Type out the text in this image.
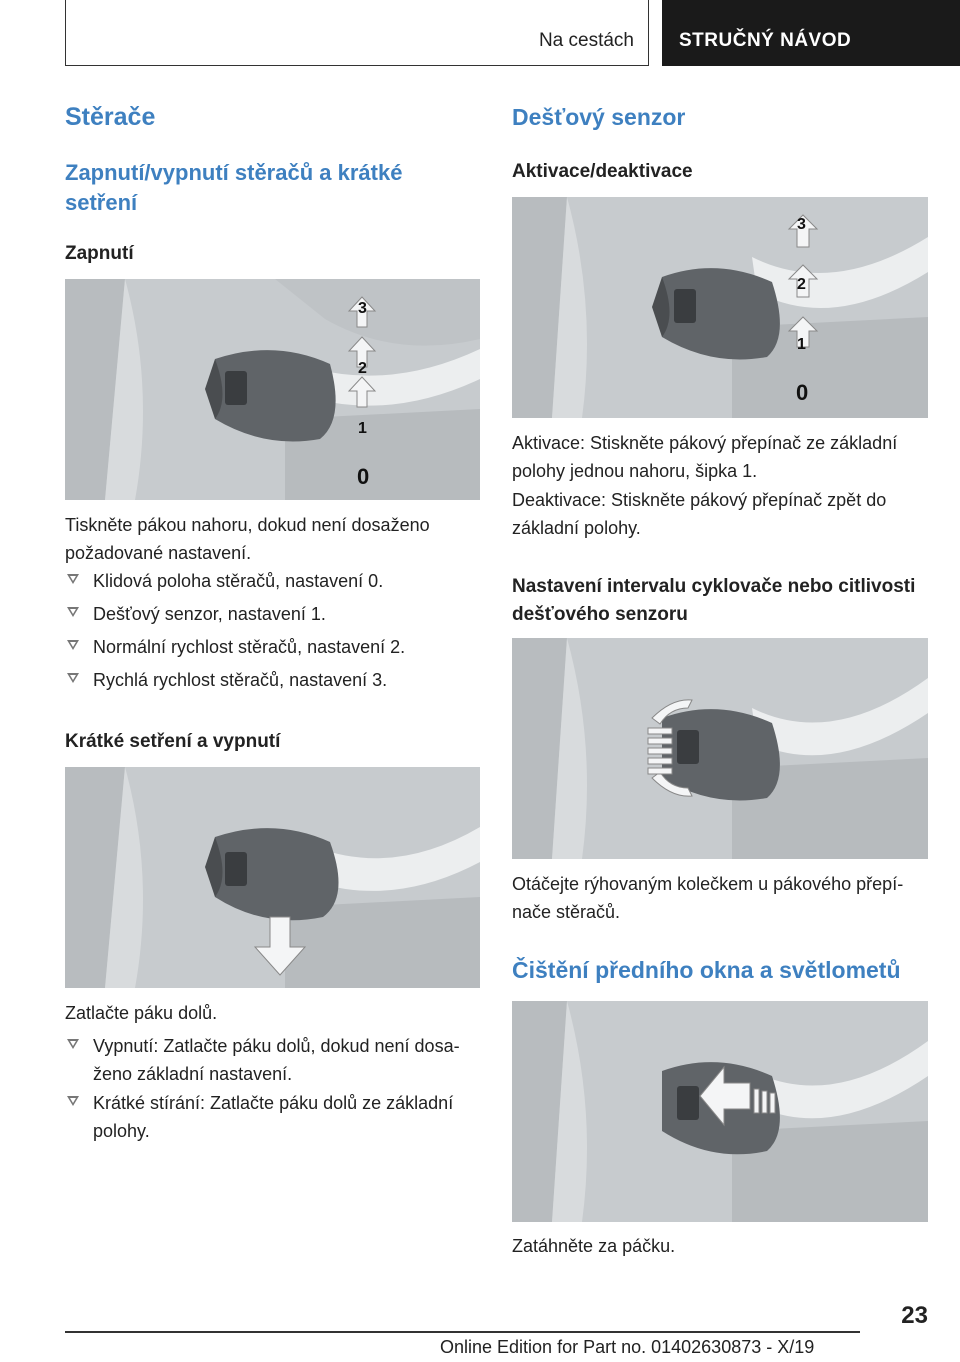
Na cestách STRUČNÝ NÁVOD
Stěrače
Zapnutí/vypnutí stěračů a krátké setření
Zapnutí
0
1
2
3
Tiskněte pákou nahoru, dokud není dosaženo požadované nastavení.
Klidová poloha stěračů, nastavení 0.
Dešťový senzor, nastavení 1.
Normální rychlost stěračů, nastavení 2.
Rychlá rychlost stěračů, nastavení 3.
Krátké setření a vypnutí
Zatlačte páku dolů.
Vypnutí: Zatlačte páku dolů, dokud není dosaženo základní nastavení.
Krátké stírání: Zatlačte páku dolů ze základní polohy.
Dešťový senzor
Aktivace/deaktivace
0
1
2
3
Aktivace: Stiskněte pákový přepínač ze základní polohy jednou nahoru, šipka 1.
Deaktivace: Stiskněte pákový přepínač zpět do základní polohy.
Nastavení intervalu cyklovače nebo citlivosti dešťového senzoru
Otáčejte rýhovaným kolečkem u pákového přepínače stěračů.
Čištění předního okna a světlometů
Zatáhněte za páčku.
23
Online Edition for Part no. 01402630873 - X/19
